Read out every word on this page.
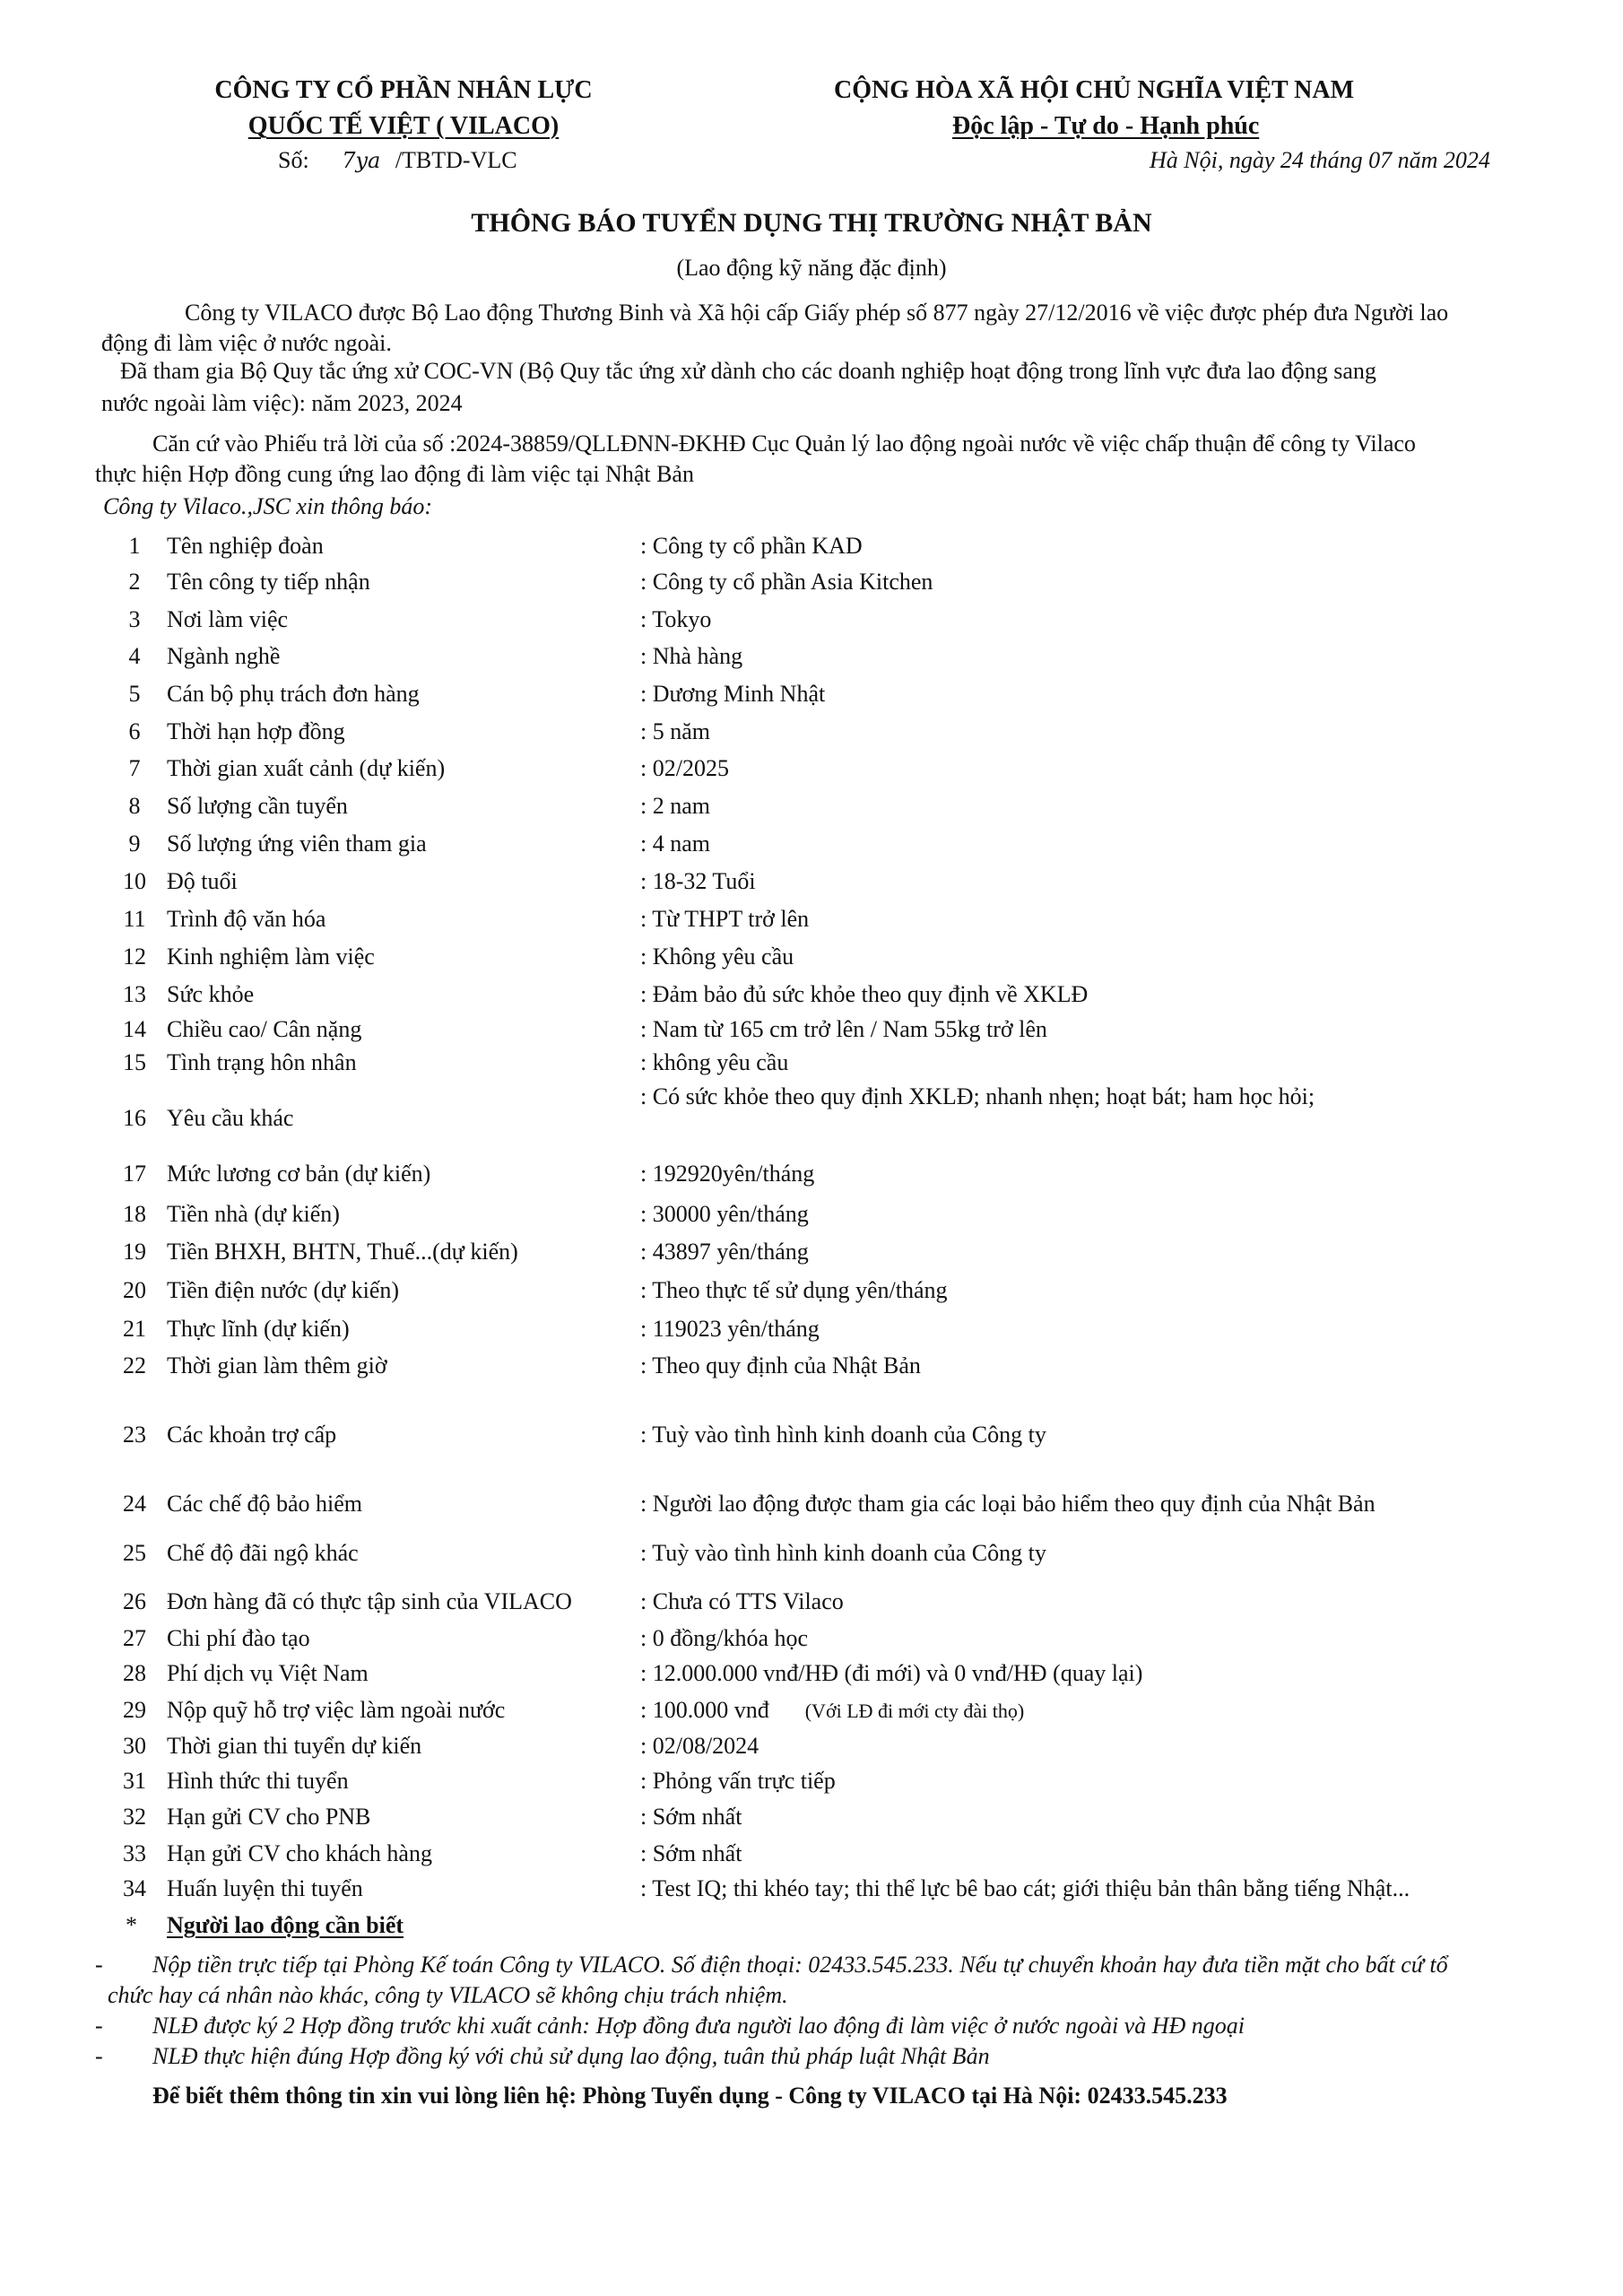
CÔNG TY CỔ PHẦN NHÂN LỰC
QUỐC TẾ VIỆT ( VILACO)
Số: 7ya /TBTD-VLC
CỘNG HÒA XÃ HỘI CHỦ NGHĨA VIỆT NAM
Độc lập - Tự do - Hạnh phúc
Hà Nội, ngày 24 tháng 07 năm 2024
THÔNG BÁO TUYỂN DỤNG THỊ TRƯỜNG NHẬT BẢN
(Lao động kỹ năng đặc định)
Công ty VILACO được Bộ Lao động Thương Binh và Xã hội cấp Giấy phép số 877 ngày 27/12/2016 về việc được phép đưa Người lao
động đi làm việc ở nước ngoài.
Đã tham gia Bộ Quy tắc ứng xử COC-VN (Bộ Quy tắc ứng xử dành cho các doanh nghiệp hoạt động trong lĩnh vực đưa lao động sang
nước ngoài làm việc): năm 2023, 2024
Căn cứ vào Phiếu trả lời của số :2024-38859/QLLĐNN-ĐKHĐ Cục Quản lý lao động ngoài nước về việc chấp thuận để công ty Vilaco
thực hiện Hợp đồng cung ứng lao động đi làm việc tại Nhật Bản
Công ty Vilaco.,JSC xin thông báo:
1	Tên nghiệp đoàn	: Công ty cổ phần KAD
2	Tên công ty tiếp nhận	: Công ty cổ phần Asia Kitchen
3	Nơi làm việc	: Tokyo
4	Ngành nghề	: Nhà hàng
5	Cán bộ phụ trách đơn hàng	: Dương Minh Nhật
6	Thời hạn hợp đồng	: 5 năm
7	Thời gian xuất cảnh (dự kiến)	: 02/2025
8	Số lượng cần tuyển	: 2 nam
9	Số lượng ứng viên tham gia	: 4 nam
10 Độ tuổi	: 18-32 Tuổi
11 Trình độ văn hóa	: Từ THPT trở lên
12 Kinh nghiệm làm việc	: Không yêu cầu
13 Sức khỏe	: Đảm bảo đủ sức khỏe theo quy định về XKLĐ
14 Chiều cao/ Cân nặng	: Nam từ 165 cm trở lên / Nam 55kg trở lên
15 Tình trạng hôn nhân	: không yêu cầu
16 Yêu cầu khác
: Có sức khỏe theo quy định XKLĐ; nhanh nhẹn; hoạt bát; ham học hỏi;
17 Mức lương cơ bản (dự kiến)	: 192920yên/tháng
18 Tiền nhà (dự kiến)	: 30000 yên/tháng
19 Tiền BHXH, BHTN, Thuế...(dự kiến)	: 43897 yên/tháng
20 Tiền điện nước (dự kiến)	: Theo thực tế sử dụng yên/tháng
21 Thực lĩnh (dự kiến)	: 119023 yên/tháng
22 Thời gian làm thêm giờ	: Theo quy định của Nhật Bản
23 Các khoản trợ cấp	: Tuỳ vào tình hình kinh doanh của Công ty
24 Các chế độ bảo hiểm	: Người lao động được tham gia các loại bảo hiểm theo quy định của Nhật Bản
25 Chế độ đãi ngộ khác	: Tuỳ vào tình hình kinh doanh của Công ty
26 Đơn hàng đã có thực tập sinh của VILACO	: Chưa có TTS Vilaco
27 Chi phí đào tạo	: 0 đồng/khóa học
28 Phí dịch vụ Việt Nam	: 12.000.000 vnđ/HĐ (đi mới) và 0 vnđ/HĐ (quay lại)
29 Nộp quỹ hỗ trợ việc làm ngoài nước	: 100.000 vnđ (Với LĐ đi mới cty đài thọ)
30 Thời gian thi tuyển dự kiến	: 02/08/2024
31 Hình thức thi tuyển	: Phỏng vấn trực tiếp
32 Hạn gửi CV cho PNB	: Sớm nhất
33 Hạn gửi CV cho khách hàng	: Sớm nhất
34 Huấn luyện thi tuyển	: Test IQ; thi khéo tay; thi thể lực bê bao cát; giới thiệu bản thân bằng tiếng Nhật...
* Người lao động cần biết
- Nộp tiền trực tiếp tại Phòng Kế toán Công ty VILACO. Số điện thoại: 02433.545.233. Nếu tự chuyển khoản hay đưa tiền mặt cho bất cứ tổ
chức hay cá nhân nào khác, công ty VILACO sẽ không chịu trách nhiệm.
- NLĐ được ký 2 Hợp đồng trước khi xuất cảnh: Hợp đồng đưa người lao động đi làm việc ở nước ngoài và HĐ ngoại
- NLĐ thực hiện đúng Hợp đồng ký với chủ sử dụng lao động, tuân thủ pháp luật Nhật Bản
Để biết thêm thông tin xin vui lòng liên hệ: Phòng Tuyển dụng - Công ty VILACO tại Hà Nội: 02433.545.233
